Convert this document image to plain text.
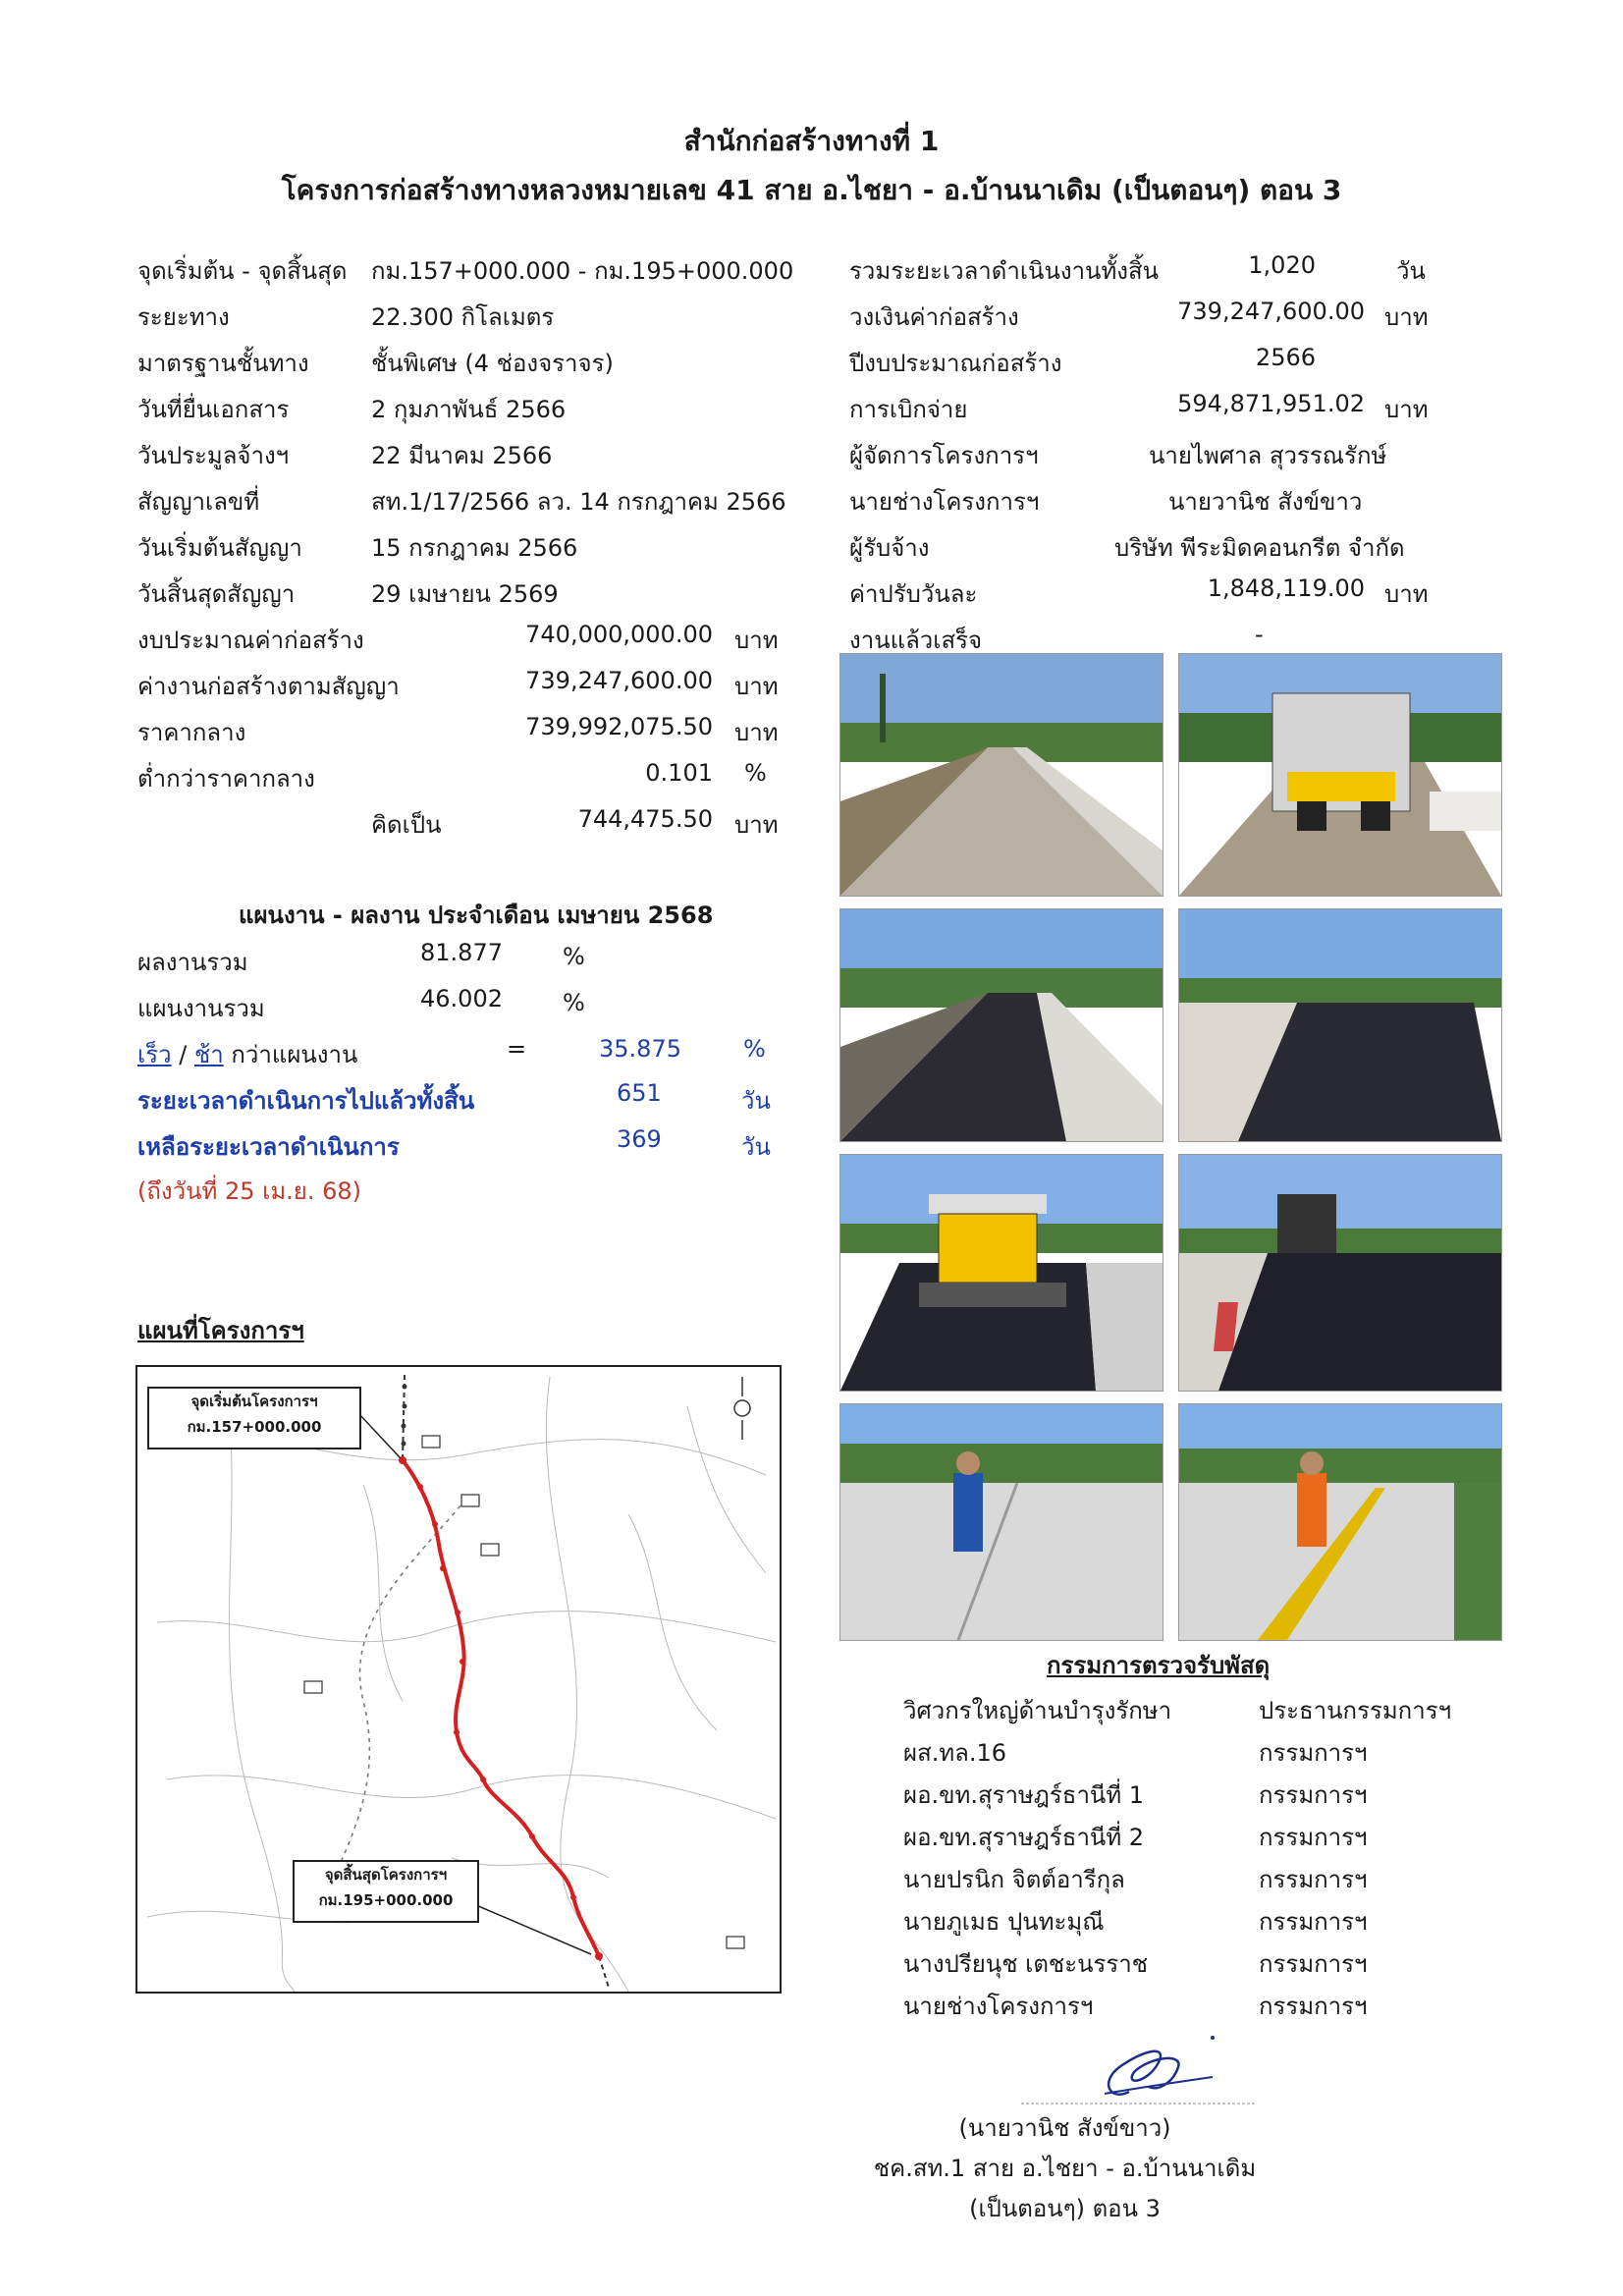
สำนักก่อสร้างทางที่ 1
โครงการก่อสร้างทางหลวงหมายเลข 41 สาย อ.ไชยา - อ.บ้านนาเดิม (เป็นตอนๆ) ตอน 3
จุดเริ่มต้น - จุดสิ้นสุด กม.157+000.000 - กม.195+000.000
ระยะทาง	22.300 กิโลเมตร
มาตรฐานชั้นทาง	ชั้นพิเศษ (4 ช่องจราจร)
วันที่ยื่นเอกสาร	2 กุมภาพันธ์ 2566
วันประมูลจ้างฯ	22 มีนาคม 2566
สัญญาเลขที่	สท.1/17/2566 ลว. 14 กรกฎาคม 2566
วันเริ่มต้นสัญญา	15 กรกฎาคม 2566
วันสิ้นสุดสัญญา	29 เมษายน 2569
งบประมาณค่าก่อสร้าง	740,000,000.00 บาท
ค่างานก่อสร้างตามสัญญา	739,247,600.00 บาท
ราคากลาง	739,992,075.50 บาท
ต่ำกว่าราคากลาง	0.101 %
คิดเป็น	744,475.50 บาท
รวมระยะเวลาดำเนินงานทั้งสิ้น	1,020	วัน
วงเงินค่าก่อสร้าง	739,247,600.00 บาท
ปีงบประมาณก่อสร้าง	2566
การเบิกจ่าย	594,871,951.02 บาท
ผู้จัดการโครงการฯ	นายไพศาล สุวรรณรักษ์
นายช่างโครงการฯ	นายวานิช สังข์ขาว
ผู้รับจ้าง	บริษัท พีระมิดคอนกรีต จำกัด
ค่าปรับวันละ	1,848,119.00 บาท
งานแล้วเสร็จ	-
แผนงาน - ผลงาน ประจำเดือน เมษายน 2568
ผลงานรวม	81.877	%
แผนงานรวม	46.002	%
เร็ว / ช้า กว่าแผนงาน	=	35.875	%
ระยะเวลาดำเนินการไปแล้วทั้งสิ้น	651	วัน
เหลือระยะเวลาดำเนินการ	369	วัน
(ถึงวันที่ 25 เม.ย. 68)
แผนที่โครงการฯ
จุดเริ่มต้นโครงการฯ
กม.157+000.000
จุดสิ้นสุดโครงการฯ
กม.195+000.000
กรรมการตรวจรับพัสดุ
วิศวกรใหญ่ด้านบำรุงรักษา	ประธานกรรมการฯ
ผส.ทล.16	กรรมการฯ
ผอ.ขท.สุราษฎร์ธานีที่ 1	กรรมการฯ
ผอ.ขท.สุราษฎร์ธานีที่ 2	กรรมการฯ
นายปรนิก จิตต์อารีกุล	กรรมการฯ
นายภูเมธ ปุนทะมุณี	กรรมการฯ
นางปรียนุช เตชะนรราช	กรรมการฯ
นายช่างโครงการฯ	กรรมการฯ
(นายวานิช สังข์ขาว)
ชค.สท.1 สาย อ.ไชยา - อ.บ้านนาเดิม
(เป็นตอนๆ) ตอน 3
